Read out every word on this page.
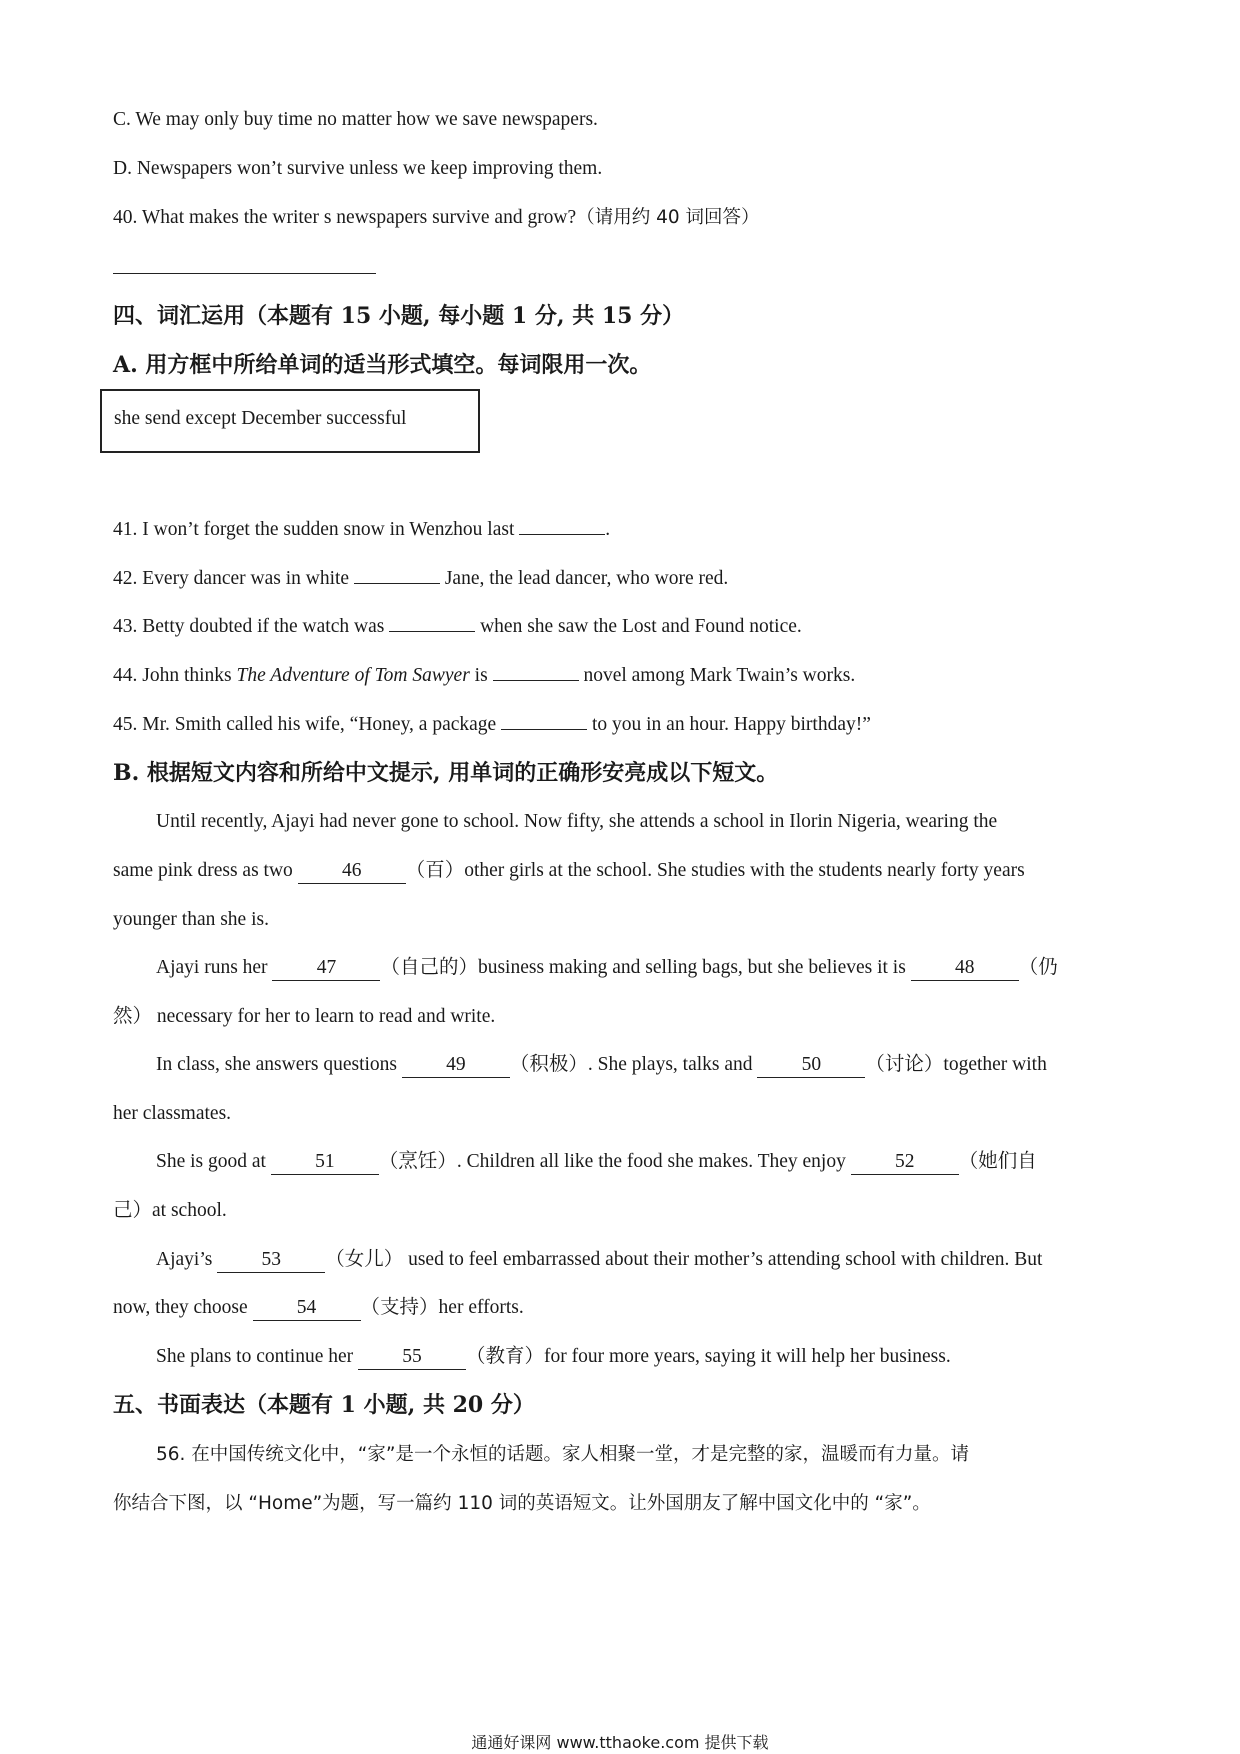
C. We may only buy time no matter how we save newspapers.
D. Newspapers won’t survive unless we keep improving them.
40. What makes the writer s newspapers survive and grow?（请用约 40 词回答）
四、词汇运用（本题有 15 小题, 每小题 1 分, 共 15 分）
A. 用方框中所给单词的适当形式填空。每词限用一次。
she send except December successful
41. I won’t forget the sudden snow in Wenzhou last	.
42. Every dancer was in white	Jane, the lead dancer, who wore red.
43. Betty doubted if the watch was	when she saw the Lost and Found notice.
44. John thinks The Adventure of Tom Sawyer is	novel among Mark Twain’s works.
45. Mr. Smith called his wife, “Honey, a package	to you in an hour. Happy birthday!”
B. 根据短文内容和所给中文提示, 用单词的正确形安亮成以下短文。
Until recently, Ajayi had never gone to school. Now fifty, she attends a school in Ilorin Nigeria, wearing the
same pink dress as two 46 （百）other girls at the school. She studies with the students nearly forty years
younger than she is.
Ajayi runs her 47 （自己的）business making and selling bags, but she believes it is 48 （仍
然） necessary for her to learn to read and write.
In class, she answers questions 49 （积极）. She plays, talks and 50 （讨论）together with
her classmates.
She is good at 51 （烹饪）. Children all like the food she makes. They enjoy 52 （她们自
己）at school.
Ajayi’s 53 （女儿） used to feel embarrassed about their mother’s attending school with children. But
now, they choose 54 （支持）her efforts.
She plans to continue her 55 （教育）for four more years, saying it will help her business.
五、书面表达（本题有 1 小题, 共 20 分）
56. 在中国传统文化中，“家”是一个永恒的话题。家人相聚一堂，才是完整的家，温暖而有力量。请
你结合下图，以 “Home”为题，写一篇约 110 词的英语短文。让外国朋友了解中国文化中的 “家”。
通通好课网 www.tthaoke.com 提供下载
